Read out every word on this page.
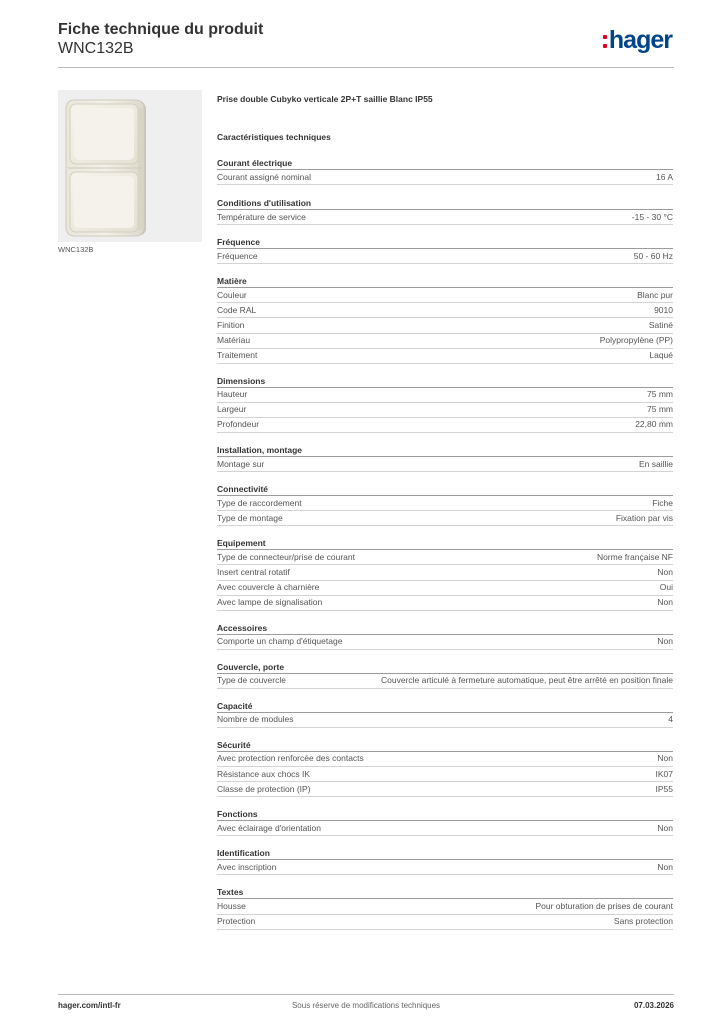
Fiche technique du produit
WNC132B	hager
WNC132B
Prise double Cubyko verticale 2P+T saillie Blanc IP55
Caractéristiques techniques
Courant électrique
Courant assigné nominal	16 A
Conditions d'utilisation
Température de service	-15 - 30 °C
Fréquence
Fréquence	50 - 60 Hz
Matière
Couleur	Blanc pur
Code RAL	9010
Finition	Satiné
Matériau	Polypropylène (PP)
Traitement	Laqué
Dimensions
Hauteur	75 mm
Largeur	75 mm
Profondeur	22,80 mm
Installation, montage
Montage sur	En saillie
Connectivité
Type de raccordement	Fiche
Type de montage	Fixation par vis
Equipement
Type de connecteur/prise de courant	Norme française NF
Insert central rotatif	Non
Avec couvercle à charnière	Oui
Avec lampe de signalisation	Non
Accessoires
Comporte un champ d'étiquetage	Non
Couvercle, porte
Type de couvercle	Couvercle articulé à fermeture automatique, peut être arrêté en position finale
Capacité
Nombre de modules	4
Sécurité
Avec protection renforcée des contacts	Non
Résistance aux chocs IK	IK07
Classe de protection (IP)	IP55
Fonctions
Avec éclairage d'orientation	Non
Identification
Avec inscription	Non
Textes
Housse	Pour obturation de prises de courant
Protection	Sans protection
hager.com/intl-fr	Sous réserve de modifications techniques	07.03.2026
